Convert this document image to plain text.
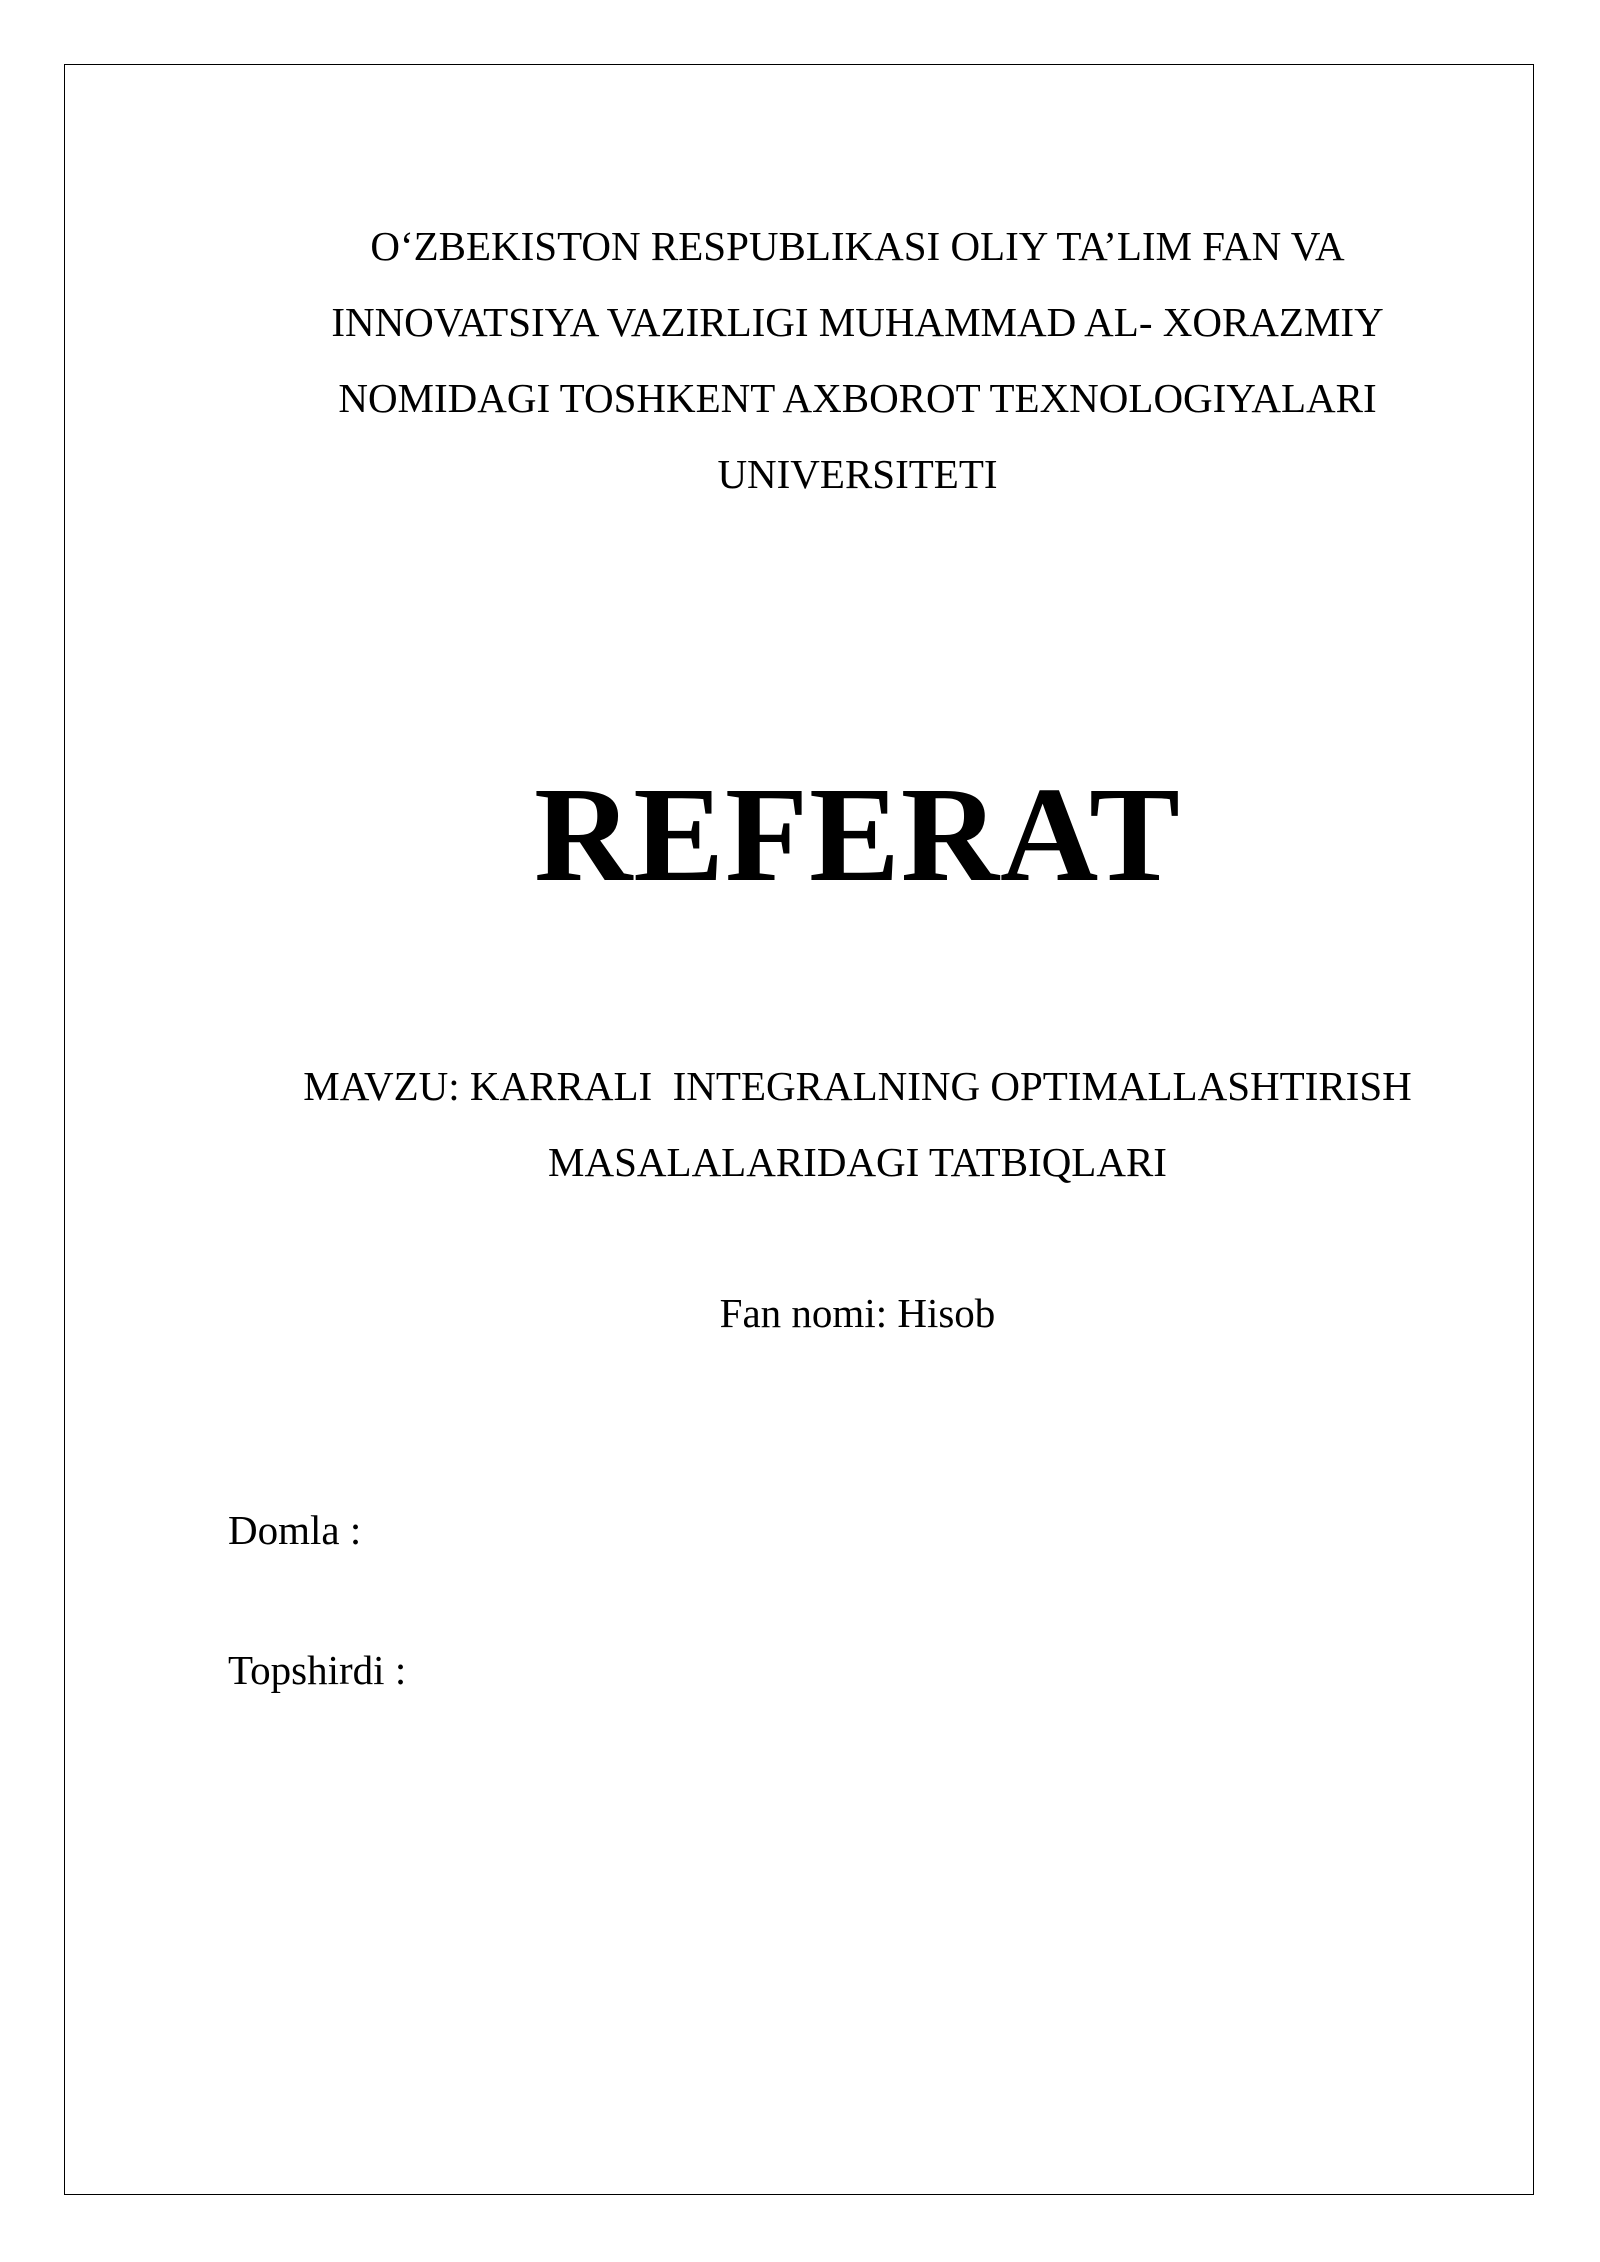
O‘ZBEKISTON RESPUBLIKASI OLIY TA’LIM FAN VA
INNOVATSIYA VAZIRLIGI MUHAMMAD AL- XORAZMIY
NOMIDAGI TOSHKENT AXBOROT TEXNOLOGIYALARI
UNIVERSITETI
REFERAT
MAVZU: KARRALI  INTEGRALNING OPTIMALLASHTIRISH
MASALALARIDAGI TATBIQLARI
Fan nomi: Hisob
Domla :
Topshirdi :
